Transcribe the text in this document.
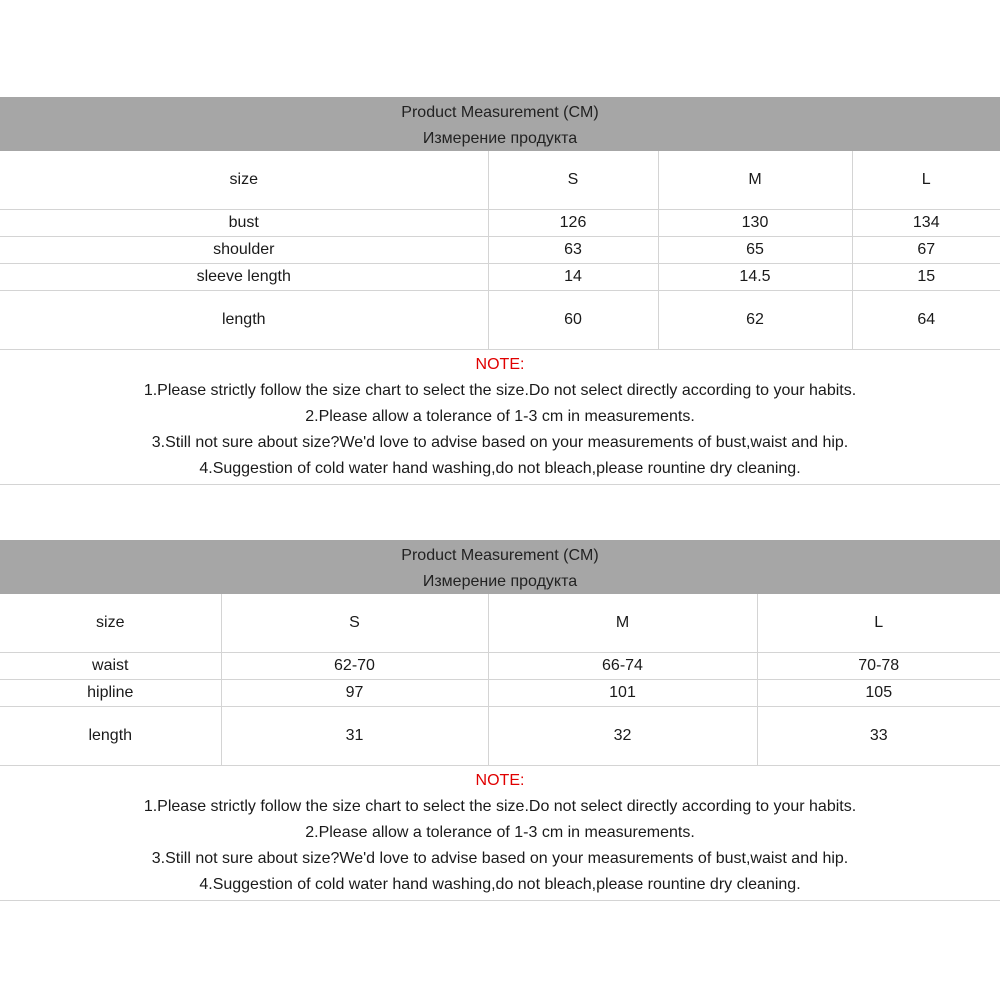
Product Measurement (CM)
Измерение продукта
size	S	M	L
bust	126	130	134
shoulder	63	65	67
sleeve length	14	14.5	15
length	60	62	64
NOTE:
1.Please strictly follow the size chart to select the size.Do not select directly according to your habits.
2.Please allow a tolerance of 1-3 cm in measurements.
3.Still not sure about size?We'd love to advise based on your measurements of bust,waist and hip.
4.Suggestion of cold water hand washing,do not bleach,please rountine dry cleaning.
Product Measurement (CM)
Измерение продукта
size	S	M	L
waist	62-70	66-74	70-78
hipline	97	101	105
length	31	32	33
NOTE:
1.Please strictly follow the size chart to select the size.Do not select directly according to your habits.
2.Please allow a tolerance of 1-3 cm in measurements.
3.Still not sure about size?We'd love to advise based on your measurements of bust,waist and hip.
4.Suggestion of cold water hand washing,do not bleach,please rountine dry cleaning.
